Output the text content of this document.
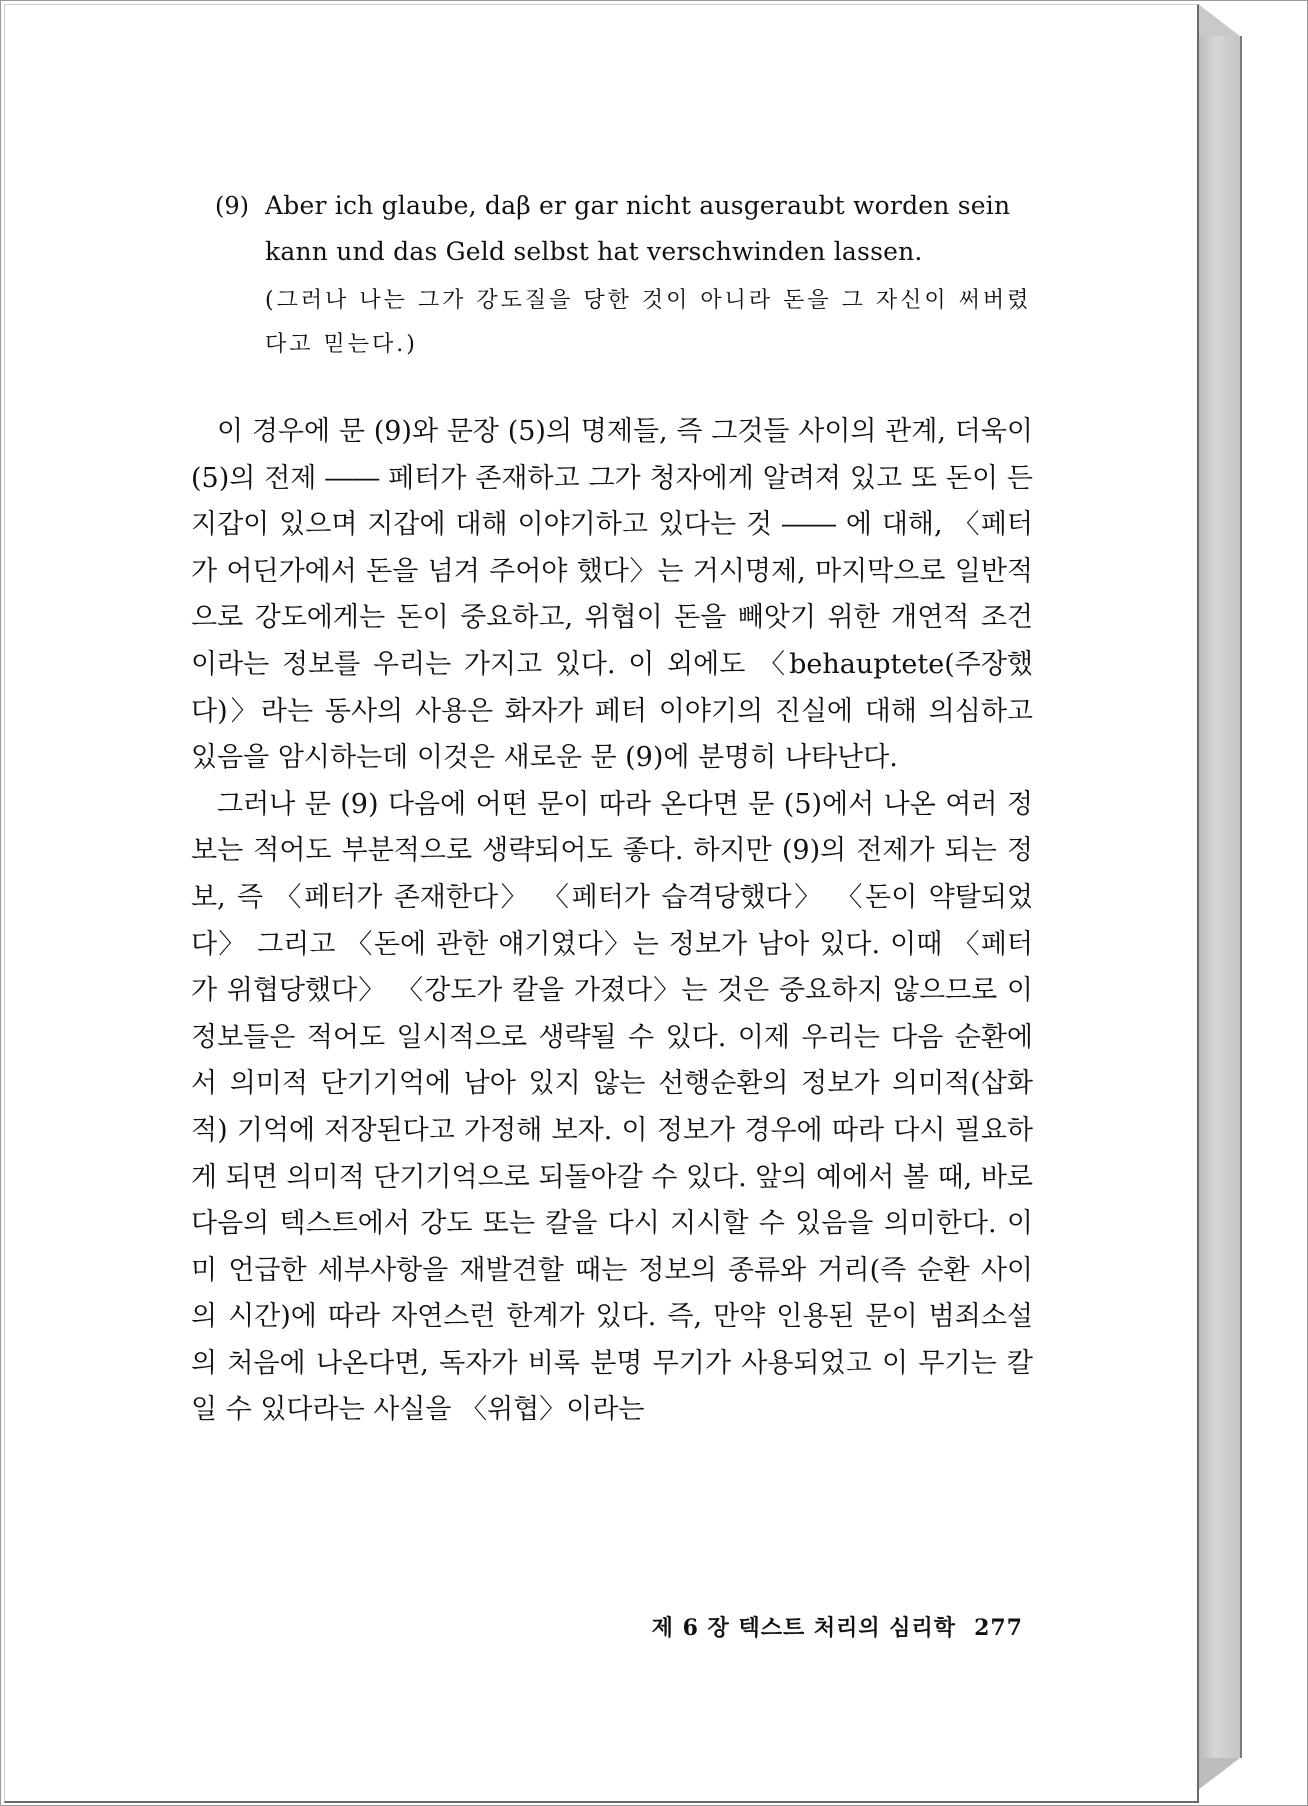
(9) Aber ich glaube, daβ er gar nicht ausgeraubt worden sein kann und das Geld selbst hat verschwinden lassen.
(그러나 나는 그가 강도질을 당한 것이 아니라 돈을 그 자신이 써버렸다고 믿는다.)

이 경우에 문 (9)와 문장 (5)의 명제들, 즉 그것들 사이의 관계, 더욱이 (5)의 전제 ―― 페터가 존재하고 그가 청자에게 알려져 있고 또 돈이 든 지갑이 있으며 지갑에 대해 이야기하고 있다는 것 ―― 에 대해, 〈페터가 어딘가에서 돈을 넘겨 주어야 했다〉는 거시명제, 마지막으로 일반적으로 강도에게는 돈이 중요하고, 위협이 돈을 빼앗기 위한 개연적 조건이라는 정보를 우리는 가지고 있다. 이 외에도 〈behauptete(주장했다)〉라는 동사의 사용은 화자가 페터 이야기의 진실에 대해 의심하고 있음을 암시하는데 이것은 새로운 문 (9)에 분명히 나타난다.

그러나 문 (9) 다음에 어떤 문이 따라 온다면 문 (5)에서 나온 여러 정보는 적어도 부분적으로 생략되어도 좋다. 하지만 (9)의 전제가 되는 정보, 즉 〈페터가 존재한다〉 〈페터가 습격당했다〉 〈돈이 약탈되었다〉 그리고 〈돈에 관한 얘기였다〉는 정보가 남아 있다. 이때 〈페터가 위협당했다〉 〈강도가 칼을 가졌다〉는 것은 중요하지 않으므로 이 정보들은 적어도 일시적으로 생략될 수 있다. 이제 우리는 다음 순환에서 의미적 단기기억에 남아 있지 않는 선행순환의 정보가 의미적(삽화적) 기억에 저장된다고 가정해 보자. 이 정보가 경우에 따라 다시 필요하게 되면 의미적 단기기억으로 되돌아갈 수 있다. 앞의 예에서 볼 때, 바로 다음의 텍스트에서 강도 또는 칼을 다시 지시할 수 있음을 의미한다. 이미 언급한 세부사항을 재발견할 때는 정보의 종류와 거리(즉 순환 사이의 시간)에 따라 자연스런 한계가 있다. 즉, 만약 인용된 문이 범죄소설의 처음에 나온다면, 독자가 비록 분명 무기가 사용되었고 이 무기는 칼일 수 있다라는 사실을 〈위협〉이라는

제 6 장 텍스트 처리의 심리학 277
